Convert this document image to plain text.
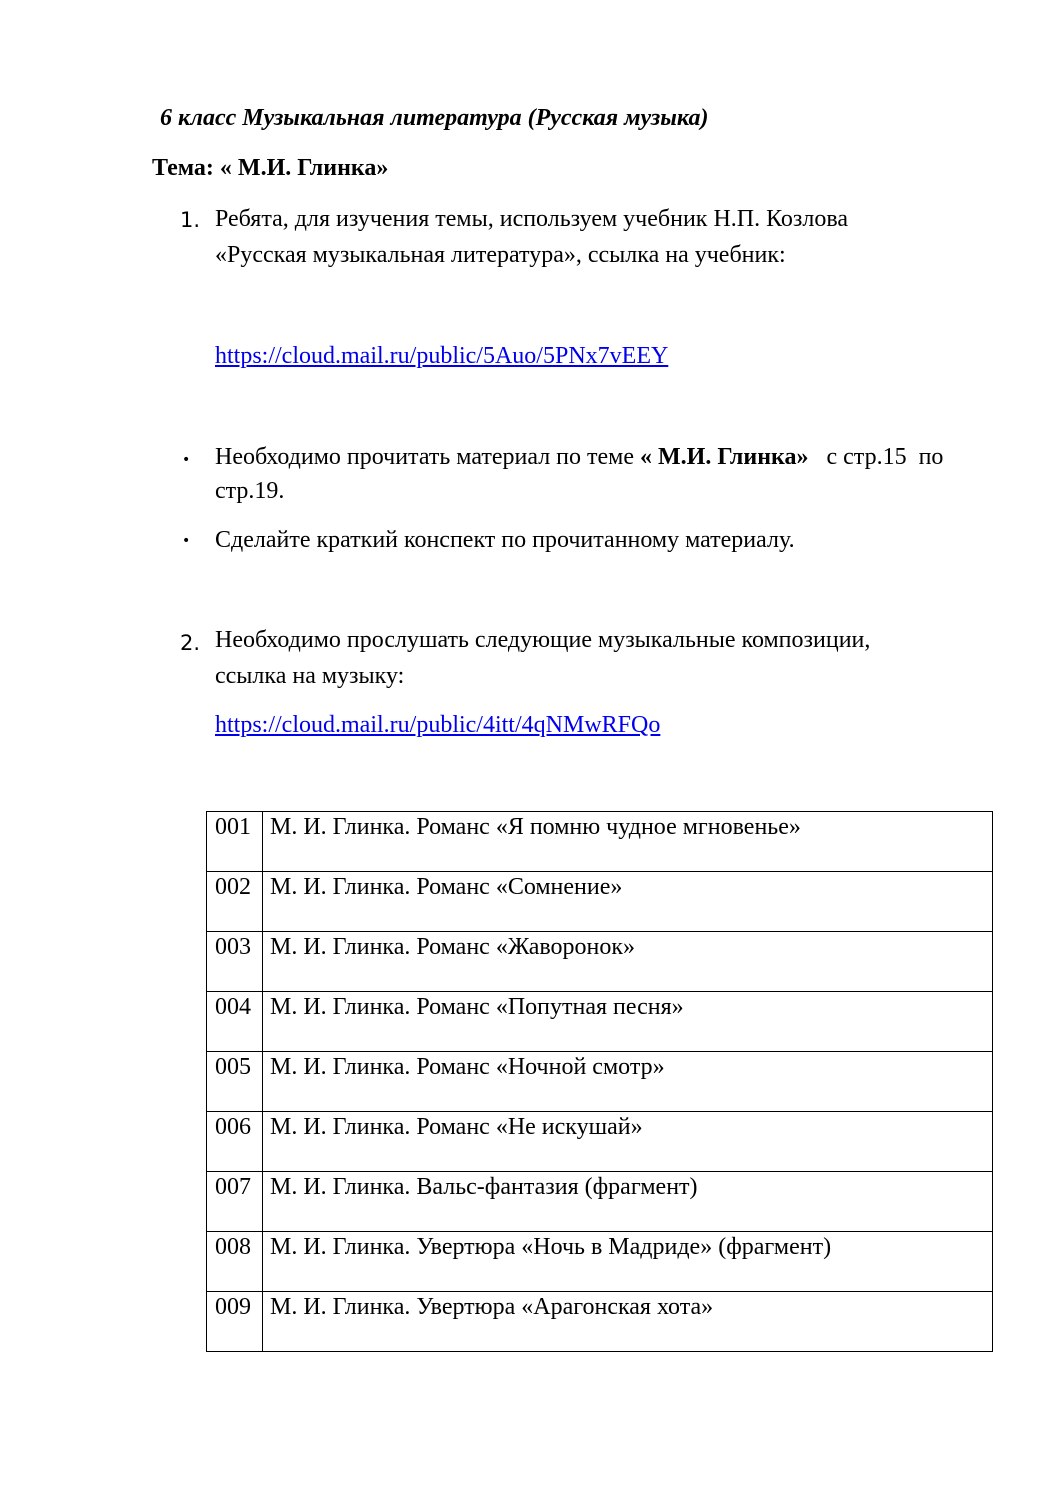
6 класс Музыкальная литература (Русская музыка)

Тема: « М.И. Глинка»

1. Ребята, для изучения темы, используем учебник Н.П. Козлова

«Русская музыкальная литература», ссылка на учебник:

https://cloud.mail.ru/public/5Auo/5PNx7vEEY
• Необходимо прочитать материал по теме « М.И. Глинка»   с стр.15  по

стр.19.

• Сделайте краткий конспект по прочитанному материалу.

2. Необходимо прослушать следующие музыкальные композиции,

ссылка на музыку:

https://cloud.mail.ru/public/4itt/4qNMwRFQo
001	М. И. Глинка. Романс «Я помню чудное мгновенье»
002	М. И. Глинка. Романс «Сомнение»
003	М. И. Глинка. Романс «Жаворонок»
004	М. И. Глинка. Романс «Попутная песня»
005	М. И. Глинка. Романс «Ночной смотр»
006	М. И. Глинка. Романс «Не искушай»
007	М. И. Глинка. Вальс-фантазия (фрагмент)
008	М. И. Глинка. Увертюра «Ночь в Мадриде» (фрагмент)
009	М. И. Глинка. Увертюра «Арагонская хота»
